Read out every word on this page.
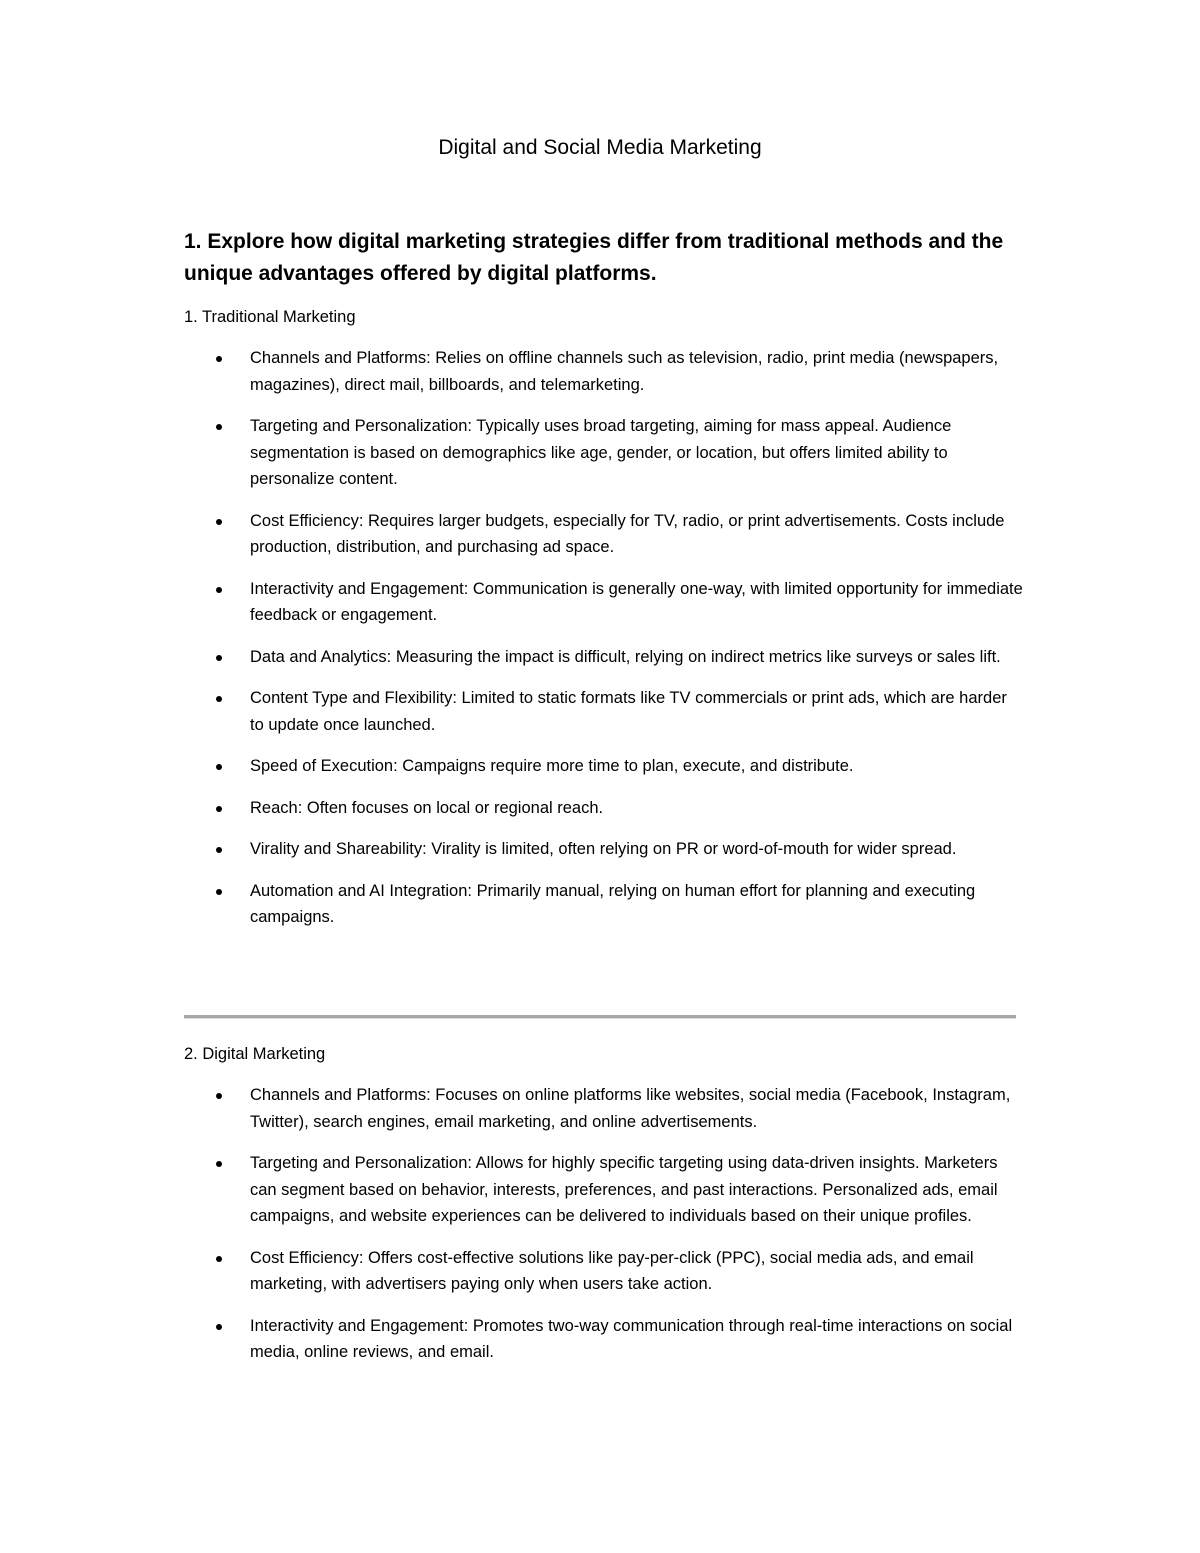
Digital and Social Media Marketing
1. Explore how digital marketing strategies differ from traditional methods and the unique advantages offered by digital platforms.
1. Traditional Marketing
Channels and Platforms: Relies on offline channels such as television, radio, print media (newspapers, magazines), direct mail, billboards, and telemarketing.
Targeting and Personalization: Typically uses broad targeting, aiming for mass appeal. Audience segmentation is based on demographics like age, gender, or location, but offers limited ability to personalize content.
Cost Efficiency: Requires larger budgets, especially for TV, radio, or print advertisements. Costs include production, distribution, and purchasing ad space.
Interactivity and Engagement: Communication is generally one-way, with limited opportunity for immediate feedback or engagement.
Data and Analytics: Measuring the impact is difficult, relying on indirect metrics like surveys or sales lift.
Content Type and Flexibility: Limited to static formats like TV commercials or print ads, which are harder to update once launched.
Speed of Execution: Campaigns require more time to plan, execute, and distribute.
Reach: Often focuses on local or regional reach.
Virality and Shareability: Virality is limited, often relying on PR or word-of-mouth for wider spread.
Automation and AI Integration: Primarily manual, relying on human effort for planning and executing campaigns.
2. Digital Marketing
Channels and Platforms: Focuses on online platforms like websites, social media (Facebook, Instagram, Twitter), search engines, email marketing, and online advertisements.
Targeting and Personalization: Allows for highly specific targeting using data-driven insights. Marketers can segment based on behavior, interests, preferences, and past interactions. Personalized ads, email campaigns, and website experiences can be delivered to individuals based on their unique profiles.
Cost Efficiency: Offers cost-effective solutions like pay-per-click (PPC), social media ads, and email marketing, with advertisers paying only when users take action.
Interactivity and Engagement: Promotes two-way communication through real-time interactions on social media, online reviews, and email.
